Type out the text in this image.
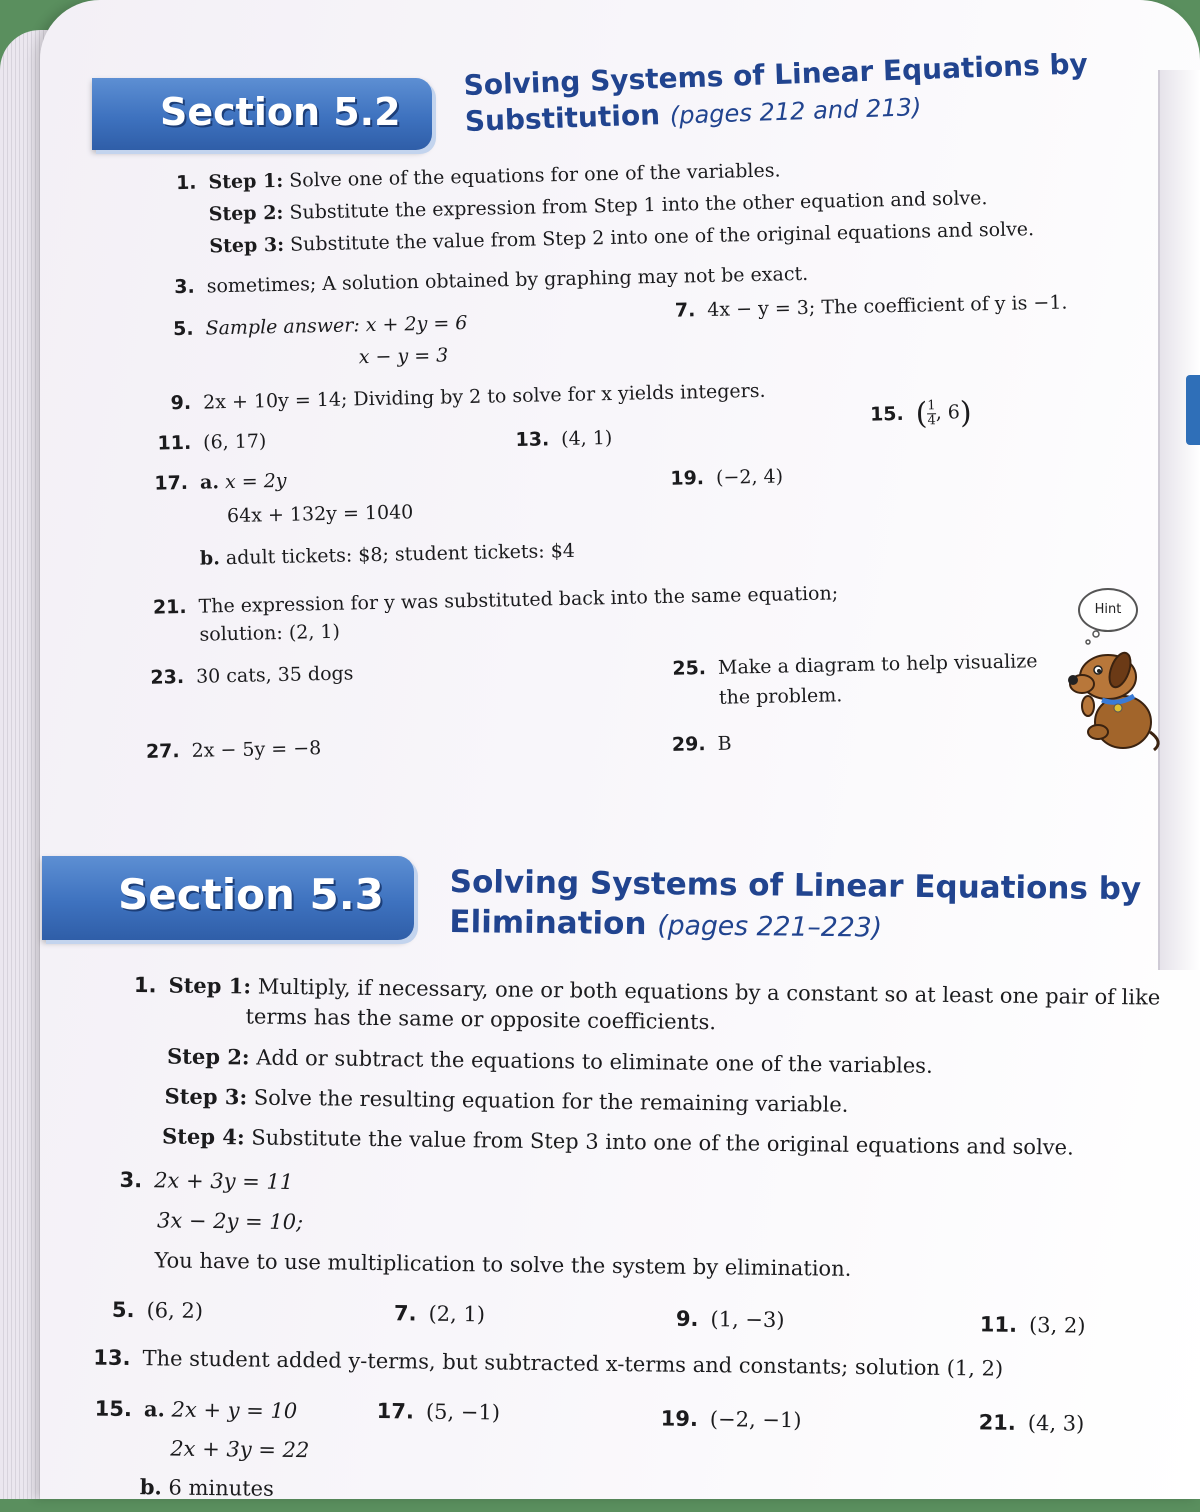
Section 5.2
Solving Systems of Linear Equations by
Substitution (pages 212 and 213)
1. Step 1: Solve one of the equations for one of the variables.
Step 2: Substitute the expression from Step 1 into the other equation and solve.
Step 3: Substitute the value from Step 2 into one of the original equations and solve.
3. sometimes; A solution obtained by graphing may not be exact.
5. Sample answer: x + 2y = 6
x − y = 3
7. 4x − y = 3; The coefficient of y is −1.
9. 2x + 10y = 14; Dividing by 2 to solve for x yields integers.
11. (6, 17)	13. (4, 1)
15. ( $\frac{1}{4}$ , 6)
17. a. x = 2y
64x + 132y = 1040
b. adult tickets: $8; student tickets: $4
19. (−2, 4)
21. The expression for y was substituted back into the same equation;
solution: (2, 1)
23. 30 cats, 35 dogs	25. Make a diagram to help visualize
the problem.
27. 2x − 5y = −8	29. B
Hint
Section 5.3 Solving Systems of Linear Equations by
Elimination (pages 221–223)
1. Step 1: Multiply, if necessary, one or both equations by a constant so at least one pair of like
terms has the same or opposite coefficients.
Step 2: Add or subtract the equations to eliminate one of the variables.
Step 3: Solve the resulting equation for the remaining variable.
Step 4: Substitute the value from Step 3 into one of the original equations and solve.
3. 2x + 3y = 11
3x − 2y = 10;
You have to use multiplication to solve the system by elimination.
5. (6, 2)	7. (2, 1)	9. (1, −3)	11. (3, 2)
13. The student added y-terms, but subtracted x-terms and constants; solution (1, 2)
15. a. 2x + y = 10
2x + 3y = 22
b. 6 minutes
17. (5, −1)	19. (−2, −1)	21. (4, 3)
